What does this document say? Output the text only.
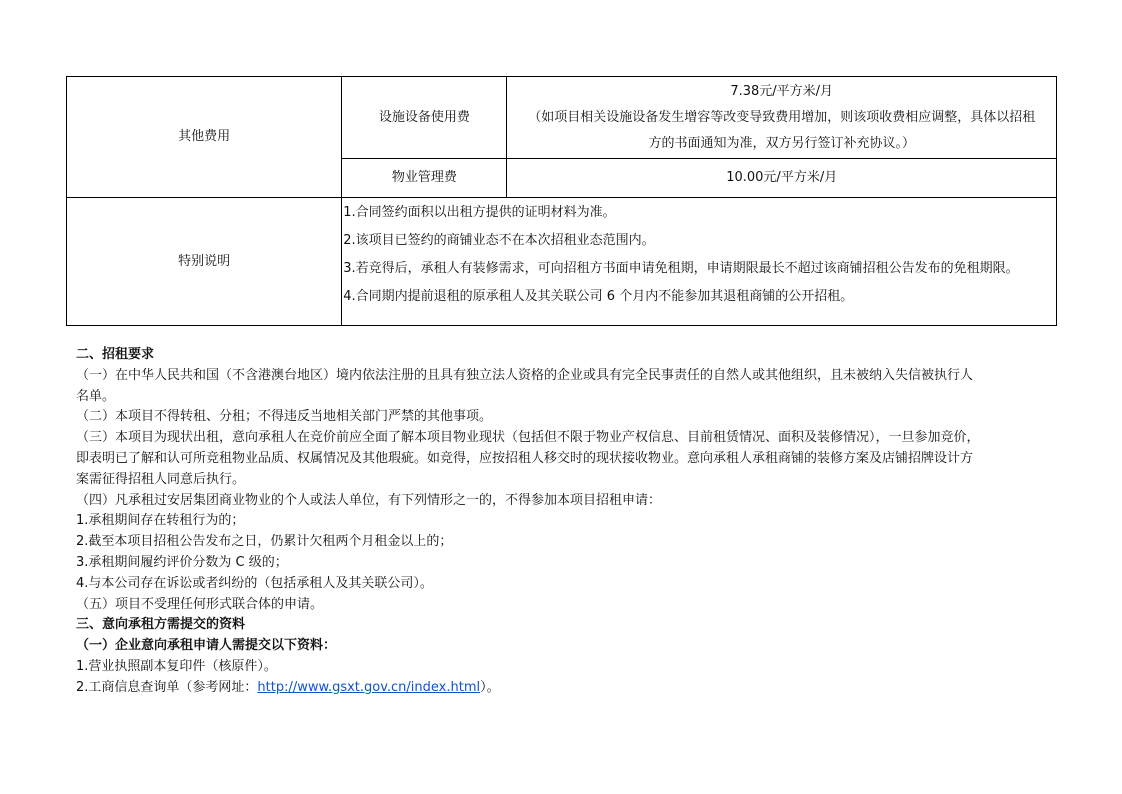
其他费用	设施设备使用费	7.38元/平方米/月
（如项目相关设施设备发生增容等改变导致费用增加，则该项收费相应调整，具体以招租
方的书面通知为准，双方另行签订补充协议。）

	物业管理费	10.00元/平方米/月
特别说明	1.合同签约面积以出租方提供的证明材料为准。
2.该项目已签约的商铺业态不在本次招租业态范围内。
3.若竞得后，承租人有装修需求，可向招租方书面申请免租期，申请期限最长不超过该商铺招租公告发布的免租期限。
4.合同期内提前退租的原承租人及其关联公司 6 个月内不能参加其退租商铺的公开招租。	

二、招租要求

（一）在中华人民共和国（不含港澳台地区）境内依法注册的且具有独立法人资格的企业或具有完全民事责任的自然人或其他组织，且未被纳入失信被执行人

名单。

（二）本项目不得转租、分租；不得违反当地相关部门严禁的其他事项。

（三）本项目为现状出租，意向承租人在竞价前应全面了解本项目物业现状（包括但不限于物业产权信息、目前租赁情况、面积及装修情况），一旦参加竞价，

即表明已了解和认可所竞租物业品质、权属情况及其他瑕疵。如竞得，应按招租人移交时的现状接收物业。意向承租人承租商铺的装修方案及店铺招牌设计方

案需征得招租人同意后执行。

（四）凡承租过安居集团商业物业的个人或法人单位，有下列情形之一的，不得参加本项目招租申请：

1.承租期间存在转租行为的；

2.截至本项目招租公告发布之日，仍累计欠租两个月租金以上的；

3.承租期间履约评价分数为 C 级的；

4.与本公司存在诉讼或者纠纷的（包括承租人及其关联公司）。

（五）项目不受理任何形式联合体的申请。

三、意向承租方需提交的资料

（一）企业意向承租申请人需提交以下资料：

1.营业执照副本复印件（核原件）。

2.工商信息查询单（参考网址：http://www.gsxt.gov.cn/index.html）。
